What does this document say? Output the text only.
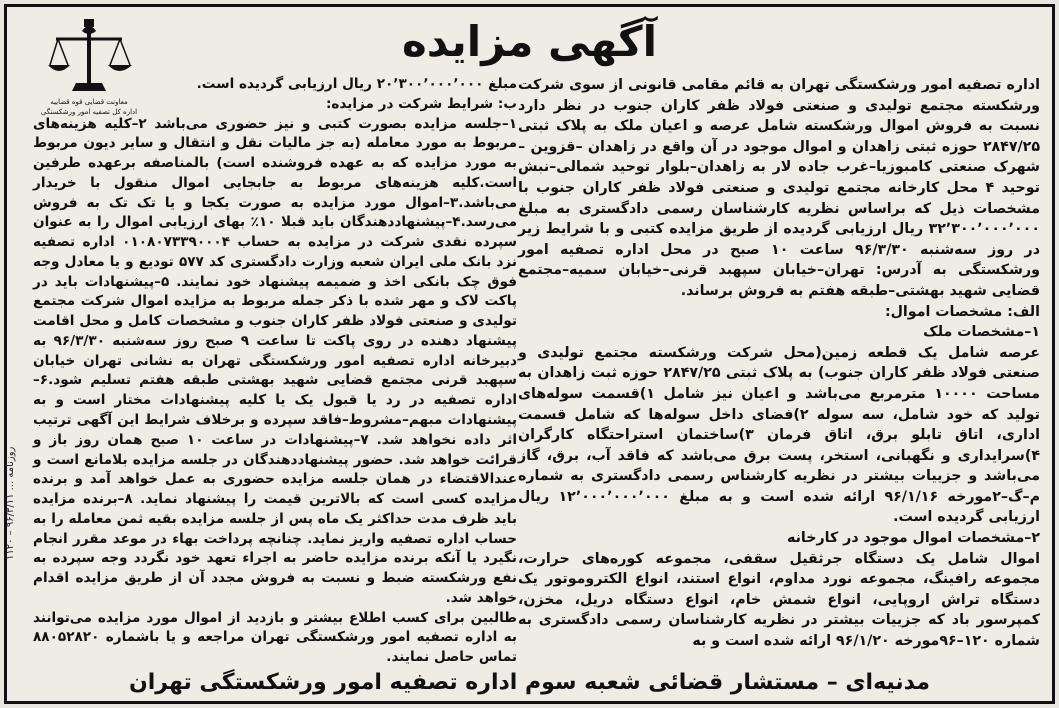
معاونت قضایی قوه قضاییه
اداره کل تصفیه امور ورشکستگی
آگهی مزایده

اداره تصفیه امور ورشکستگی تهران به قائم مقامی قانونی از سوی شرکت ورشکسته مجتمع تولیدی و صنعتی فولاد ظفر کاران جنوب در نظر دارد نسبت به فروش اموال ورشکسته شامل عرصه و اعیان ملک به پلاک ثبتی ۲۸۴۷/۲۵ حوزه ثبتی زاهدان و اموال موجود در آن واقع در زاهدان –قزوین –شهرک صنعتی کامبوزیا–غرب جاده لار به زاهدان–بلوار توحید شمالی–نبش توحید ۴ محل کارخانه مجتمع تولیدی و صنعتی فولاد ظفر کاران جنوب با مشخصات ذیل که براساس نظریه کارشناسان رسمی دادگستری به مبلغ ۳۲٬۳۰۰٬۰۰۰٬۰۰۰ ریال ارزیابی گردیده از طریق مزایده کتبی و با شرایط زیر در روز سه‌شنبه ۹۶/۳/۳۰ ساعت ۱۰ صبح در محل اداره تصفیه امور ورشکستگی به آدرس: تهران–خیابان سپهبد قرنی–خیابان سمیه–مجتمع قضایی شهید بهشتی–طبقه هفتم به فروش برساند.

الف: مشخصات اموال:

۱–مشخصات ملک

عرصه شامل یک قطعه زمین(محل شرکت ورشکسته مجتمع تولیدی و صنعتی فولاد ظفر کاران جنوب) به پلاک ثبتی ۲۸۴۷/۲۵ حوزه ثبت زاهدان به مساحت ۱۰۰۰۰ مترمربع می‌باشد و اعیان نیز شامل ۱)قسمت سوله‌های تولید که خود شامل، سه سوله ۲)فضای داخل سوله‌ها که شامل قسمت اداری، اتاق تابلو برق، اتاق فرمان ۳)ساختمان استراحتگاه کارگران ۴)سرایداری و نگهبانی، استخر، پست برق می‌باشد که فاقد آب، برق، گاز می‌باشد و جزییات بیشتر در نظریه کارشناس رسمی دادگستری به شماره م–گ–۲مورخه ۹۶/۱/۱۶ ارائه شده است و به مبلغ ۱۲٬۰۰۰٬۰۰۰٬۰۰۰ ریال ارزیابی گردیده است.

۲–مشخصات اموال موجود در کارخانه

اموال شامل یک دستگاه جرثقیل سقفی، مجموعه کوره‌های حرارت، مجموعه رافینگ، مجموعه نورد مداوم، انواع استند، انواع الکتروموتور یک دستگاه تراش اروپایی، انواع شمش خام، انواع دستگاه دریل، مخزن، کمپرسور باد که جزییات بیشتر در نظریه کارشناسان رسمی دادگستری به شماره ۱۲۰–۹۶مورخه ۹۶/۱/۲۰ ارائه شده است و به

مبلغ ۲۰٬۳۰۰٬۰۰۰٬۰۰۰ ریال ارزیابی گردیده است.

ب: شرایط شرکت در مزایده:

۱–جلسه مزایده بصورت کتبی و نیز حضوری می‌باشد ۲–کلیه هزینه‌های مربوط به مورد معامله (به جز مالیات نقل و انتقال و سایر دیون مربوط به مورد مزایده که به عهده فروشنده است) بالمناصفه برعهده طرفین است.کلیه هزینه‌های مربوط به جابجایی اموال منقول با خریدار می‌باشد.۳–اموال مورد مزایده به صورت یکجا و یا تک تک به فروش می‌رسد.۴–پیشنهاددهندگان باید قبلا ۱۰٪ بهای ارزیابی اموال را به عنوان سپرده نقدی شرکت در مزایده به حساب ۰۱۰۸۰۷۳۳۹۰۰۰۴ اداره تصفیه نزد بانک ملی ایران شعبه وزارت دادگستری کد ۵۷۷ تودیع و یا معادل وجه فوق چک بانکی اخذ و ضمیمه پیشنهاد خود نمایند. ۵–پیشنهادات باید در پاکت لاک و مهر شده با ذکر جمله مربوط به مزایده اموال شرکت مجتمع تولیدی و صنعتی فولاد ظفر کاران جنوب و مشخصات کامل و محل اقامت پیشنهاد دهنده در روی پاکت تا ساعت ۹ صبح روز سه‌شنبه ۹۶/۳/۳۰ به دبیرخانه اداره تصفیه امور ورشکستگی تهران به نشانی تهران خیابان سپهبد قرنی مجتمع قضایی شهید بهشتی طبقه هفتم تسلیم شود.۶–اداره تصفیه در رد یا قبول یک یا کلیه پیشنهادات مختار است و به پیشنهادات مبهم–مشروط–فاقد سپرده و برخلاف شرایط این آگهی ترتیب اثر داده نخواهد شد. ۷–پیشنهادات در ساعت ۱۰ صبح همان روز باز و قرائت خواهد شد. حضور پیشنهاددهندگان در جلسه مزایده بلامانع است و عندالاقتضاء در همان جلسه مزایده حضوری به عمل خواهد آمد و برنده مزایده کسی است که بالاترین قیمت را پیشنهاد نماید. ۸–برنده مزایده باید ظرف مدت حداکثر یک ماه پس از جلسه مزایده بقیه ثمن معامله را به حساب اداره تصفیه واریز نماید. چنانچه پرداخت بهاء در موعد مقرر انجام نگیرد یا آنکه برنده مزایده حاضر به اجراء تعهد خود نگردد وجه سپرده به نفع ورشکسته ضبط و نسبت به فروش مجدد آن از طریق مزایده اقدام خواهد شد.

طالبین برای کسب اطلاع بیشتر و بازدید از اموال مورد مزایده می‌توانند به اداره تصفیه امور ورشکستگی تهران مراجعه و یا باشماره ۸۸۰۵۲۸۲۰ تماس حاصل نمایند.

مدنیه‌ای – مستشار قضائی شعبه سوم اداره تصفیه امور ورشکستگی تهران
روزنامه ... ۹۶/۳/۱۱ – ۱۱۲۰
